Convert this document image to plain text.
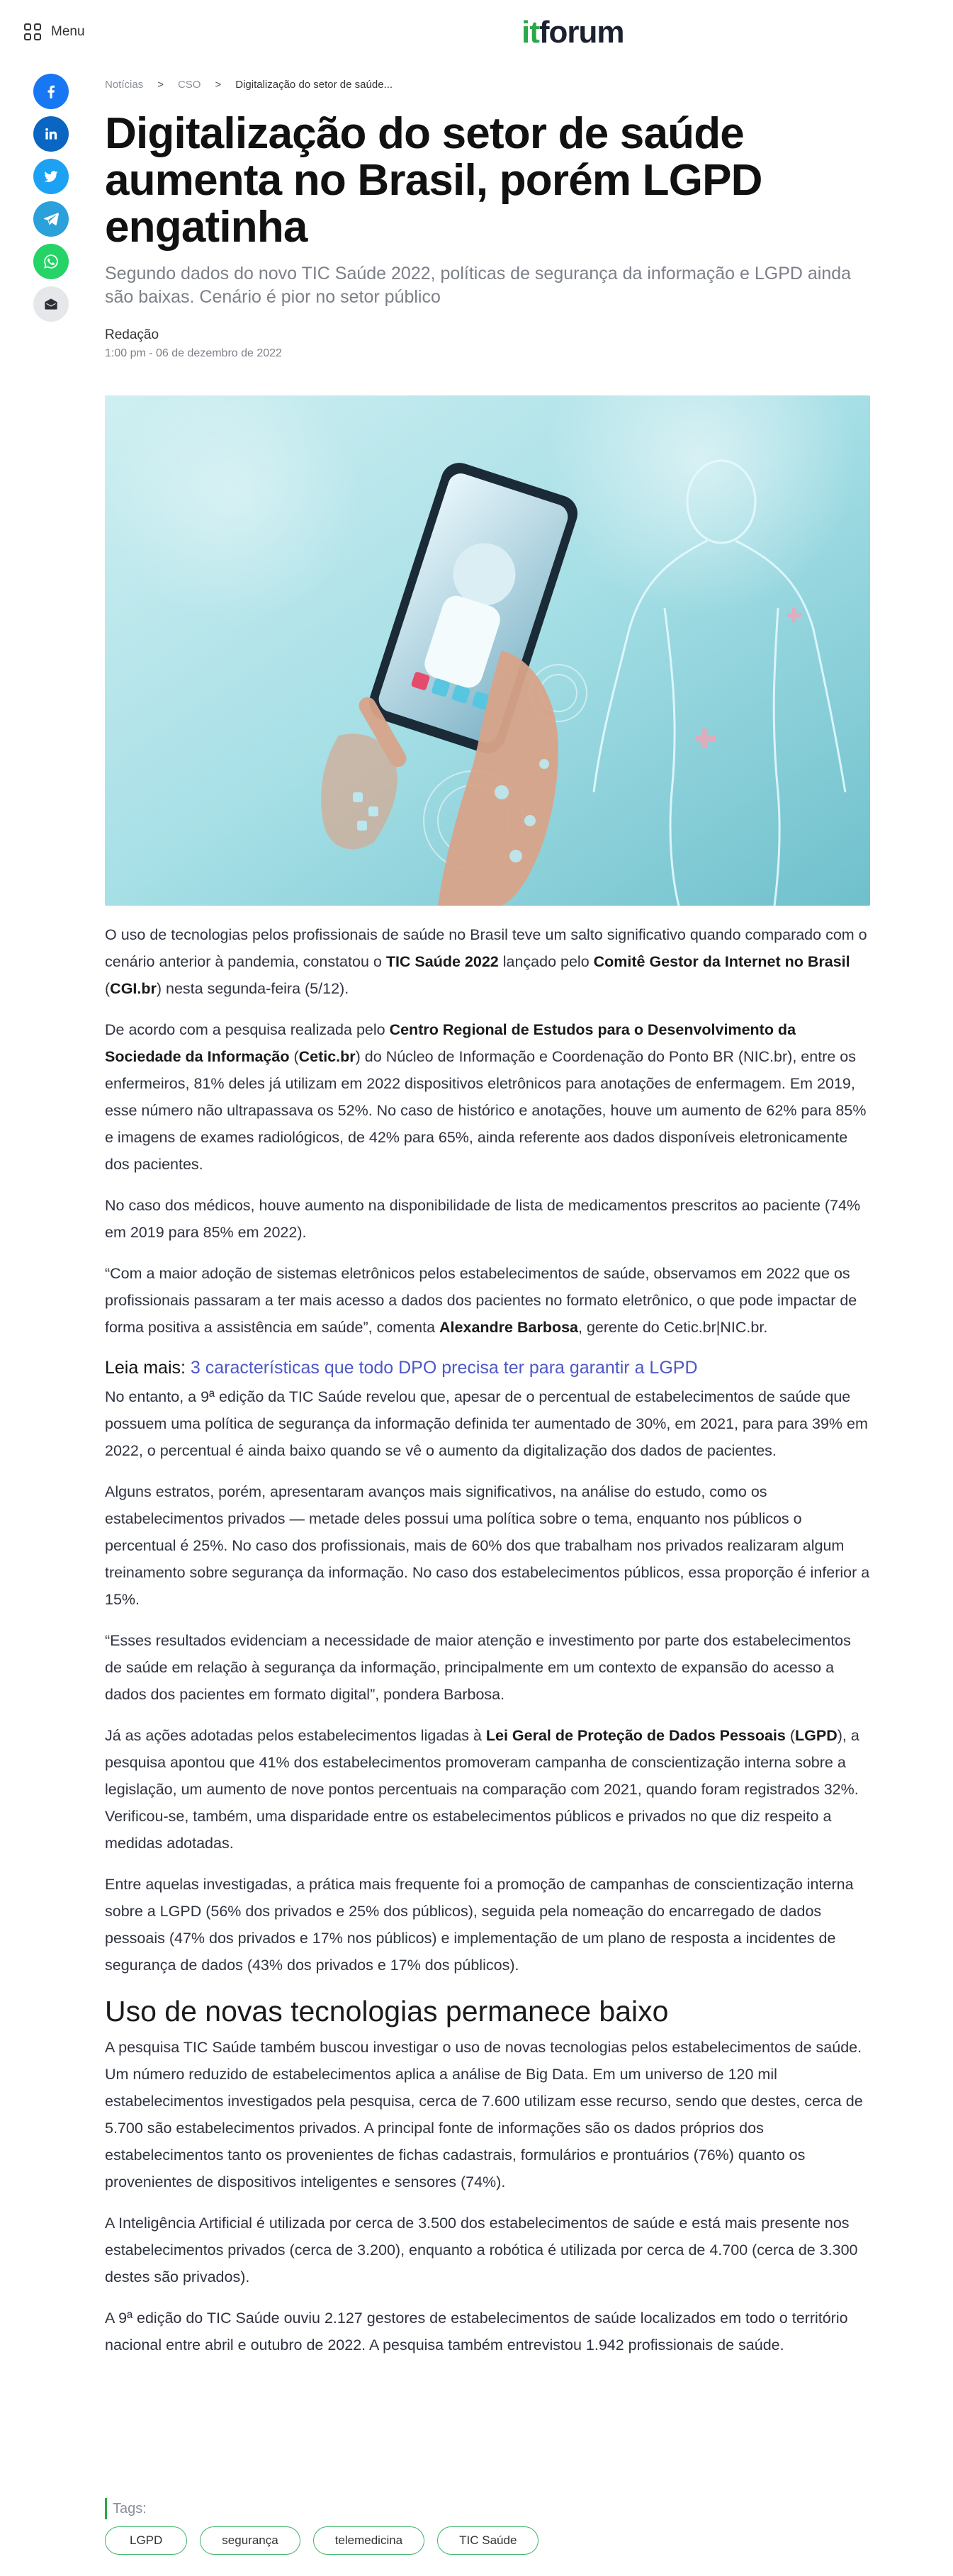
Menu	itforum
Notícias > CSO > Digitalização do setor de saúde...
Digitalização do setor de saúde aumenta no Brasil, porém LGPD engatinha
Segundo dados do novo TIC Saúde 2022, políticas de segurança da informação e LGPD ainda são baixas. Cenário é pior no setor público
Redação
1:00 pm - 06 de dezembro de 2022

O uso de tecnologias pelos profissionais de saúde no Brasil teve um salto significativo quando comparado com o cenário anterior à pandemia, constatou o TIC Saúde 2022 lançado pelo Comitê Gestor da Internet no Brasil (CGI.br) nesta segunda-feira (5/12).

De acordo com a pesquisa realizada pelo Centro Regional de Estudos para o Desenvolvimento da Sociedade da Informação (Cetic.br) do Núcleo de Informação e Coordenação do Ponto BR (NIC.br), entre os enfermeiros, 81% deles já utilizam em 2022 dispositivos eletrônicos para anotações de enfermagem. Em 2019, esse número não ultrapassava os 52%. No caso de histórico e anotações, houve um aumento de 62% para 85% e imagens de exames radiológicos, de 42% para 65%, ainda referente aos dados disponíveis eletronicamente dos pacientes.

No caso dos médicos, houve aumento na disponibilidade de lista de medicamentos prescritos ao paciente (74% em 2019 para 85% em 2022).

“Com a maior adoção de sistemas eletrônicos pelos estabelecimentos de saúde, observamos em 2022 que os profissionais passaram a ter mais acesso a dados dos pacientes no formato eletrônico, o que pode impactar de forma positiva a assistência em saúde”, comenta Alexandre Barbosa, gerente do Cetic.br|NIC.br.

Leia mais: 3 características que todo DPO precisa ter para garantir a LGPD

No entanto, a 9ª edição da TIC Saúde revelou que, apesar de o percentual de estabelecimentos de saúde que possuem uma política de segurança da informação definida ter aumentado de 30%, em 2021, para para 39% em 2022, o percentual é ainda baixo quando se vê o aumento da digitalização dos dados de pacientes.

Alguns estratos, porém, apresentaram avanços mais significativos, na análise do estudo, como os estabelecimentos privados — metade deles possui uma política sobre o tema, enquanto nos públicos o percentual é 25%. No caso dos profissionais, mais de 60% dos que trabalham nos privados realizaram algum treinamento sobre segurança da informação. No caso dos estabelecimentos públicos, essa proporção é inferior a 15%.

“Esses resultados evidenciam a necessidade de maior atenção e investimento por parte dos estabelecimentos de saúde em relação à segurança da informação, principalmente em um contexto de expansão do acesso a dados dos pacientes em formato digital”, pondera Barbosa.

Já as ações adotadas pelos estabelecimentos ligadas à Lei Geral de Proteção de Dados Pessoais (LGPD), a pesquisa apontou que 41% dos estabelecimentos promoveram campanha de conscientização interna sobre a legislação, um aumento de nove pontos percentuais na comparação com 2021, quando foram registrados 32%. Verificou-se, também, uma disparidade entre os estabelecimentos públicos e privados no que diz respeito a medidas adotadas.

Entre aquelas investigadas, a prática mais frequente foi a promoção de campanhas de conscientização interna sobre a LGPD (56% dos privados e 25% dos públicos), seguida pela nomeação do encarregado de dados pessoais (47% dos privados e 17% nos públicos) e implementação de um plano de resposta a incidentes de segurança de dados (43% dos privados e 17% dos públicos).

Uso de novas tecnologias permanece baixo

A pesquisa TIC Saúde também buscou investigar o uso de novas tecnologias pelos estabelecimentos de saúde. Um número reduzido de estabelecimentos aplica a análise de Big Data. Em um universo de 120 mil estabelecimentos investigados pela pesquisa, cerca de 7.600 utilizam esse recurso, sendo que destes, cerca de 5.700 são estabelecimentos privados. A principal fonte de informações são os dados próprios dos estabelecimentos tanto os provenientes de fichas cadastrais, formulários e prontuários (76%) quanto os provenientes de dispositivos inteligentes e sensores (74%).

A Inteligência Artificial é utilizada por cerca de 3.500 dos estabelecimentos de saúde e está mais presente nos estabelecimentos privados (cerca de 3.200), enquanto a robótica é utilizada por cerca de 4.700 (cerca de 3.300 destes são privados).

A 9ª edição do TIC Saúde ouviu 2.127 gestores de estabelecimentos de saúde localizados em todo o território nacional entre abril e outubro de 2022. A pesquisa também entrevistou 1.942 profissionais de saúde.

Tags:
LGPD	segurança	telemedicina	TIC Saúde
